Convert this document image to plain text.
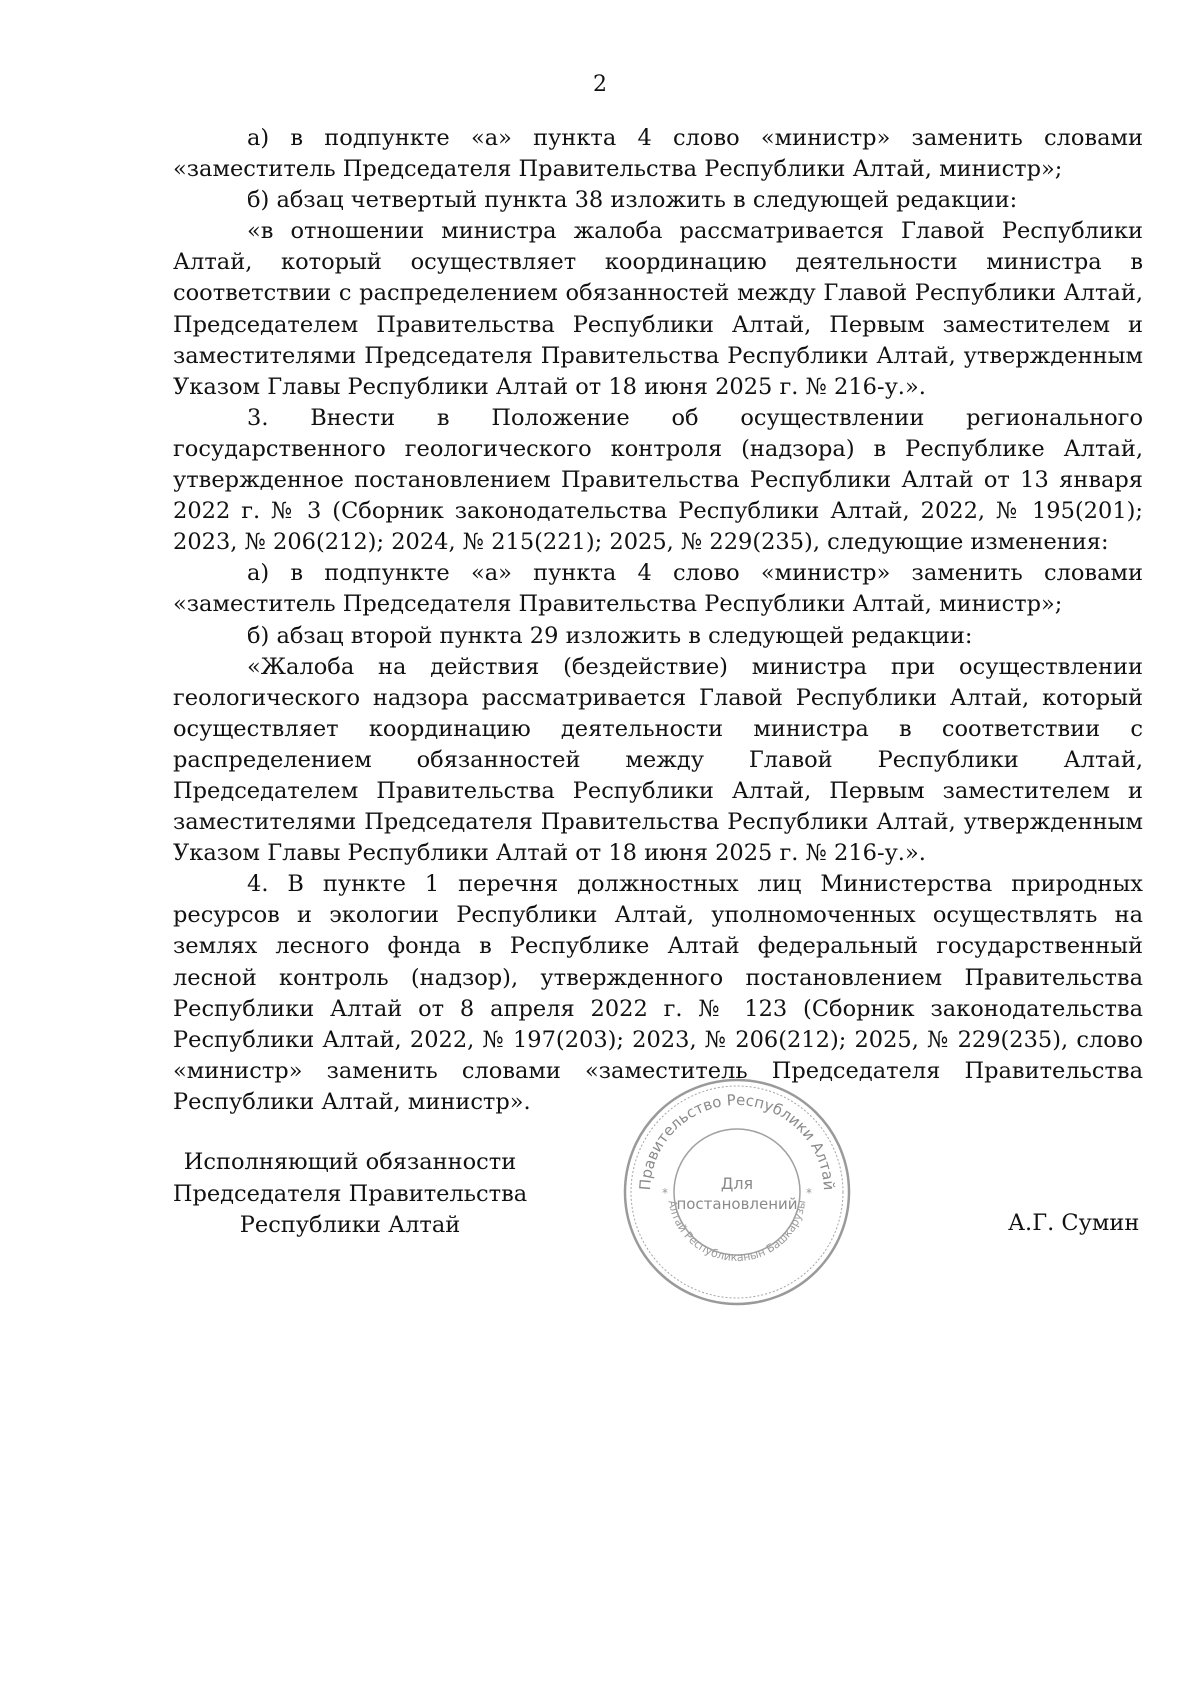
2

а) в подпункте «а» пункта 4 слово «министр» заменить словами «заместитель Председателя Правительства Республики Алтай, министр»;

б) абзац четвертый пункта 38 изложить в следующей редакции:

«в отношении министра жалоба рассматривается Главой Республики Алтай, который осуществляет координацию деятельности министра в соответствии с распределением обязанностей между Главой Республики Алтай, Председателем Правительства Республики Алтай, Первым заместителем и заместителями Председателя Правительства Республики Алтай, утвержденным Указом Главы Республики Алтай от 18 июня 2025 г. № 216-у.».

3. Внести в Положение об осуществлении регионального государственного геологического контроля (надзора) в Республике Алтай, утвержденное постановлением Правительства Республики Алтай от 13 января 2022 г. № 3 (Сборник законодательства Республики Алтай, 2022, № 195(201); 2023, № 206(212); 2024, № 215(221); 2025, № 229(235), следующие изменения:

а) в подпункте «а» пункта 4 слово «министр» заменить словами «заместитель Председателя Правительства Республики Алтай, министр»;

б) абзац второй пункта 29 изложить в следующей редакции:

«Жалоба на действия (бездействие) министра при осуществлении геологического надзора рассматривается Главой Республики Алтай, который осуществляет координацию деятельности министра в соответствии с распределением обязанностей между Главой Республики Алтай, Председателем Правительства Республики Алтай, Первым заместителем и заместителями Председателя Правительства Республики Алтай, утвержденным Указом Главы Республики Алтай от 18 июня 2025 г. № 216-у.».

4. В пункте 1 перечня должностных лиц Министерства природных ресурсов и экологии Республики Алтай, уполномоченных осуществлять на землях лесного фонда в Республике Алтай федеральный государственный лесной контроль (надзор), утвержденного постановлением Правительства Республики Алтай от 8 апреля 2022 г. № 123 (Сборник законодательства Республики Алтай, 2022, № 197(203); 2023, № 206(212); 2025, № 229(235), слово «министр» заменить словами «заместитель Председателя Правительства Республики Алтай, министр».

Исполняющий обязанности
Председателя Правительства
Республики Алтай
Правительство Республики Алтай
Алтай Республиканын Башкарузы
*	*
Для
постановлений
А.Г. Сумин
